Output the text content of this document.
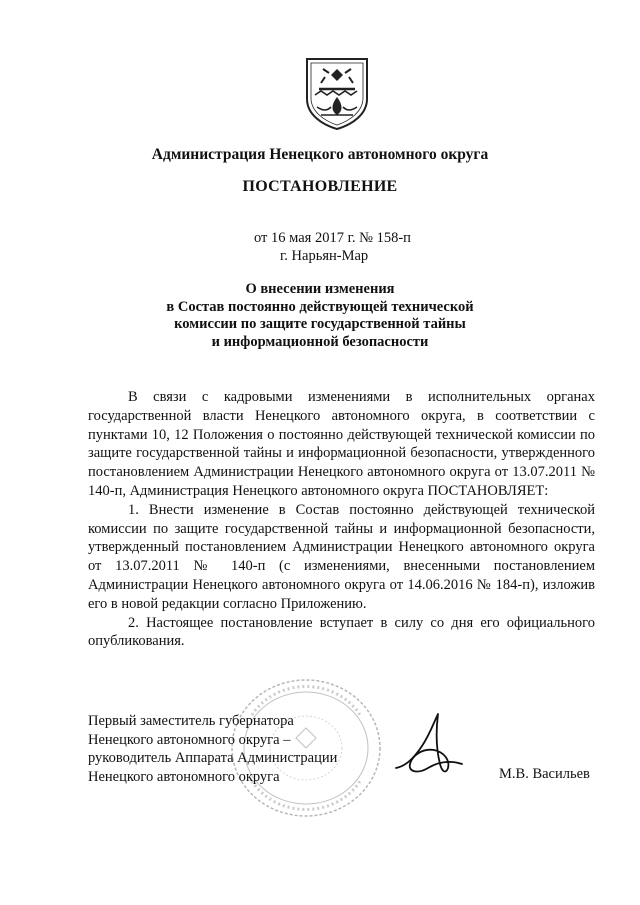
Администрация Ненецкого автономного округа
ПОСТАНОВЛЕНИЕ
от 16 мая 2017 г. № 158-п
г. Нарьян-Мар
О внесении изменения
в Состав постоянно действующей технической
комиссии по защите государственной тайны
и информационной безопасности

В связи с кадровыми изменениями в исполнительных органах государственной власти Ненецкого автономного округа, в соответствии с пунктами 10, 12 Положения о постоянно действующей технической комиссии по защите государственной тайны и информационной безопасности, утвержденного постановлением Администрации Ненецкого автономного округа от 13.07.2011 № 140-п, Администрация Ненецкого автономного округа ПОСТАНОВЛЯЕТ:

1. Внести изменение в Состав постоянно действующей технической комиссии по защите государственной тайны и информационной безопасности, утвержденный постановлением Администрации Ненецкого автономного округа от 13.07.2011 № 140-п (с изменениями, внесенными постановлением Администрации Ненецкого автономного округа от 14.06.2016 № 184-п), изложив его в новой редакции согласно Приложению.

2. Настоящее постановление вступает в силу со дня его официального опубликования.

Первый заместитель губернатора
Ненецкого автономного округа –
руководитель Аппарата Администрации
Ненецкого автономного округа	М.В. Васильев
